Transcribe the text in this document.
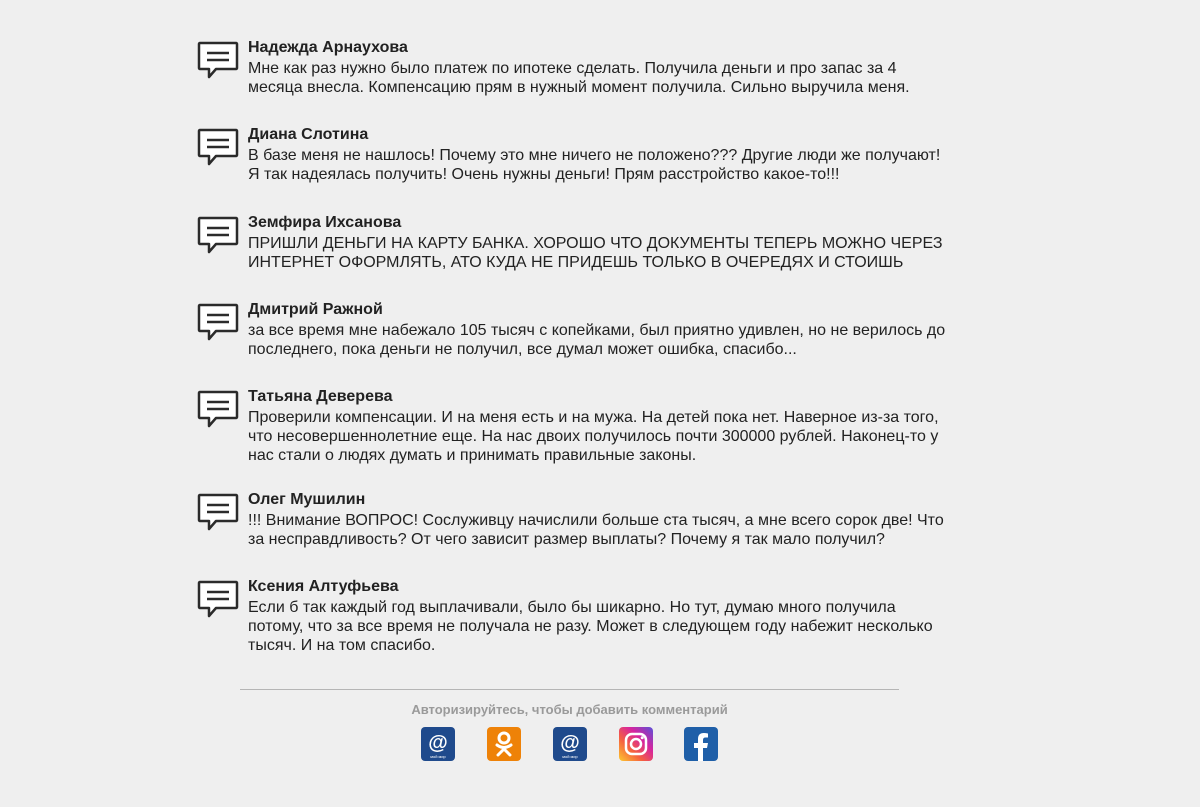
Надежда Арнаухова
Мне как раз нужно было платеж по ипотеке сделать. Получила деньги и про запас за 4 месяца внесла. Компенсацию прям в нужный момент получила. Сильно выручила меня.
Диана Слотина
В базе меня не нашлось! Почему это мне ничего не положено??? Другие люди же получают! Я так надеялась получить! Очень нужны деньги! Прям расстройство какое-то!!!
Земфира Ихсанова
ПРИШЛИ ДЕНЬГИ НА КАРТУ БАНКА. ХОРОШО ЧТО ДОКУМЕНТЫ ТЕПЕРЬ МОЖНО ЧЕРЕЗ ИНТЕРНЕТ ОФОРМЛЯТЬ, АТО КУДА НЕ ПРИДЕШЬ ТОЛЬКО В ОЧЕРЕДЯХ И СТОИШЬ
Дмитрий Ражной
за все время мне набежало 105 тысяч с копейками, был приятно удивлен, но не верилось до последнего, пока деньги не получил, все думал может ошибка, спасибо...
Татьяна Деверева
Проверили компенсации. И на меня есть и на мужа. На детей пока нет. Наверное из-за того, что несовершеннолетние еще. На нас двоих получилось почти 300000 рублей. Наконец-то у нас стали о людях думать и принимать правильные законы.
Олег Мушилин
!!! Внимание ВОПРОС! Сослуживцу начислили больше ста тысяч, а мне всего сорок две! Что за несправдливость? От чего зависит размер выплаты? Почему я так мало получил?
Ксения Алтуфьева
Если б так каждый год выплачивали, было бы шикарно. Но тут, думаю много получила потому, что за все время не получала не разу. Может в следующем году набежит несколько тысяч. И на том спасибо.
Авторизируйтесь, чтобы добавить комментарий
@
мой мир
@
мой мир
